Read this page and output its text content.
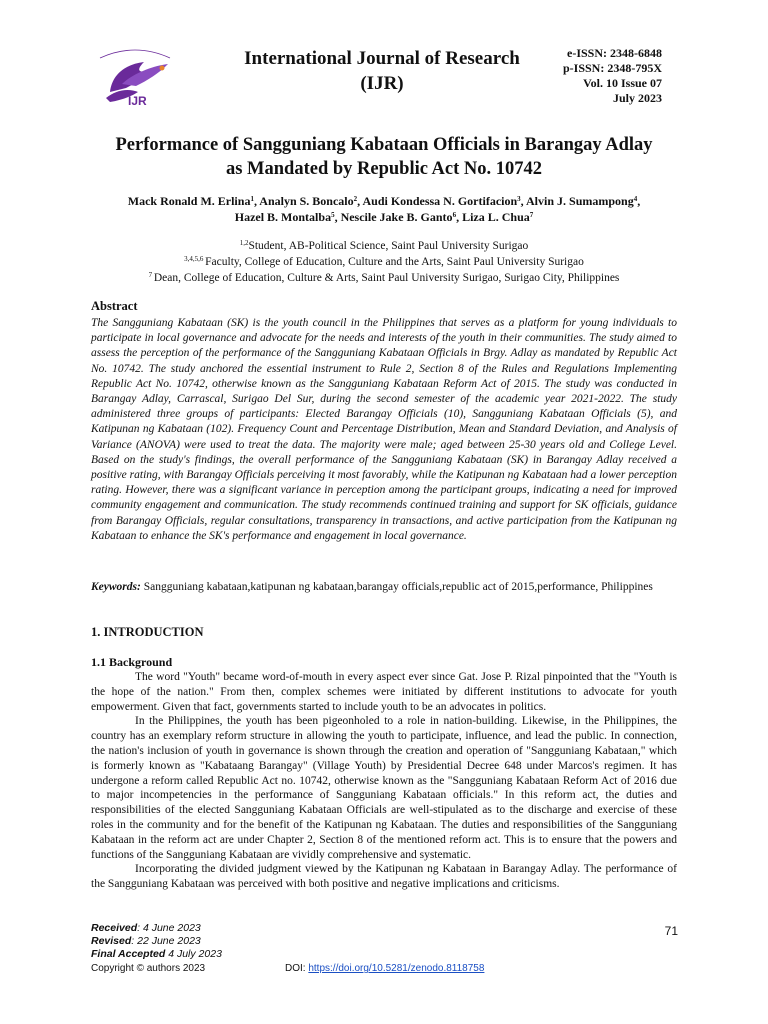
IJR
International Journal of Research
(IJR)
e-ISSN: 2348-6848
p-ISSN: 2348-795X
Vol. 10 Issue 07
July 2023
Performance of Sangguniang Kabataan Officials in Barangay Adlay
as Mandated by Republic Act No. 10742
Mack Ronald M. Erlina$^1$, Analyn S. Boncalo$^2$, Audi Kondessa N. Gortifacion$^3$, Alvin J. Sumampong$^4$,
Hazel B. Montalba$^5$, Nescile Jake B. Ganto$^6$, Liza L. Chua$^7$
$^{1,2}$Student, AB-Political Science, Saint Paul University Surigao
$^{3,4,5,6}$ Faculty, College of Education, Culture and the Arts, Saint Paul University Surigao
$^7$ Dean, College of Education, Culture & Arts, Saint Paul University Surigao, Surigao City, Philippines
Abstract

The Sangguniang Kabataan (SK) is the youth council in the Philippines that serves as a platform for young individuals to participate in local governance and advocate for the needs and interests of the youth in their communities. The study aimed to assess the perception of the performance of the Sangguniang Kabataan Officials in Brgy. Adlay as mandated by Republic Act No. 10742. The study anchored the essential instrument to Rule 2, Section 8 of the Rules and Regulations Implementing Republic Act No. 10742, otherwise known as the Sangguniang Kabataan Reform Act of 2015. The study was conducted in Barangay Adlay, Carrascal, Surigao Del Sur, during the second semester of the academic year 2021-2022. The study administered three groups of participants: Elected Barangay Officials (10), Sangguniang Kabataan Officials (5), and Katipunan ng Kabataan (102). Frequency Count and Percentage Distribution, Mean and Standard Deviation, and Analysis of Variance (ANOVA) were used to treat the data. The majority were male; aged between 25-30 years old and College Level. Based on the study's findings, the overall performance of the Sangguniang Kabataan (SK) in Barangay Adlay received a positive rating, with Barangay Officials perceiving it most favorably, while the Katipunan ng Kabataan had a lower perception rating. However, there was a significant variance in perception among the participant groups, indicating a need for improved community engagement and communication. The study recommends continued training and support for SK officials, guidance from Barangay Officials, regular consultations, transparency in transactions, and active participation from the Katipunan ng Kabataan to enhance the SK's performance and engagement in local governance.

Keywords: Sangguniang kabataan,katipunan ng kabataan,barangay officials,republic act of 2015,performance, Philippines

1. INTRODUCTION
1.1 Background

The word "Youth" became word-of-mouth in every aspect ever since Gat. Jose P. Rizal pinpointed that the "Youth is the hope of the nation." From then, complex schemes were initiated by different institutions to advocate for youth empowerment. Given that fact, governments started to include youth to be an advocates in politics.

In the Philippines, the youth has been pigeonholed to a role in nation-building. Likewise, in the Philippines, the country has an exemplary reform structure in allowing the youth to participate, influence, and lead the public. In connection, the nation's inclusion of youth in governance is shown through the creation and operation of "Sangguniang Kabataan," which is formerly known as "Kabataang Barangay" (Village Youth) by Presidential Decree 648 under Marcos's regimen. It has undergone a reform called Republic Act no. 10742, otherwise known as the "Sangguniang Kabataan Reform Act of 2016 due to major incompetencies in the performance of Sangguniang Kabataan officials." In this reform act, the duties and responsibilities of the elected Sangguniang Kabataan Officials are well-stipulated as to the discharge and exercise of these roles in the community and for the benefit of the Katipunan ng Kabataan. The duties and responsibilities of the Sangguniang Kabataan in the reform act are under Chapter 2, Section 8 of the mentioned reform act. This is to ensure that the powers and functions of the Sangguniang Kabataan are vividly comprehensive and systematic.

Incorporating the divided judgment viewed by the Katipunan ng Kabataan in Barangay Adlay. The performance of the Sangguniang Kabataan was perceived with both positive and negative implications and criticisms.

Received: 4 June 2023
Revised: 22 June 2023
Final Accepted 4 July 2023
Copyright © authors 2023	DOI: https://doi.org/10.5281/zenodo.8118758
71
